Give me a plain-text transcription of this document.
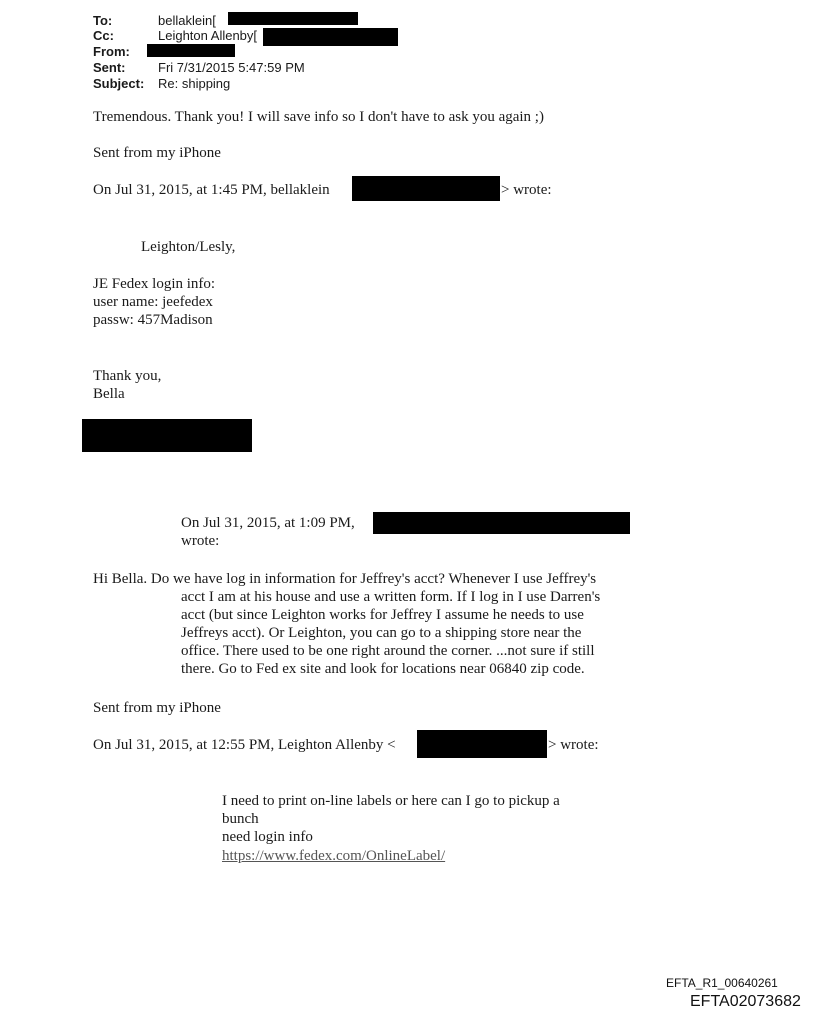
To:	bellaklein[
Cc:	Leighton Allenby[
From:
Sent:	Fri 7/31/2015 5:47:59 PM
Subject: Re: shipping
Tremendous. Thank you! I will save info so I don't have to ask you again ;)
Sent from my iPhone
On Jul 31, 2015, at 1:45 PM, bellaklein	> wrote:
Leighton/Lesly,
JE Fedex login info:
user name: jeefedex
passw: 457Madison
Thank you,
Bella
On Jul 31, 2015, at 1:09 PM,
wrote:
Hi Bella. Do we have log in information for Jeffrey's acct? Whenever I use Jeffrey's
acct I am at his house and use a written form. If I log in I use Darren's
acct (but since Leighton works for Jeffrey I assume he needs to use
Jeffreys acct). Or Leighton, you can go to a shipping store near the
office. There used to be one right around the corner. ...not sure if still
there. Go to Fed ex site and look for locations near 06840 zip code.
Sent from my iPhone
On Jul 31, 2015, at 12:55 PM, Leighton Allenby <	> wrote:
I need to print on-line labels or here can I go to pickup a
bunch
need login info
https://www.fedex.com/OnlineLabel/
EFTA_R1_00640261
EFTA02073682
